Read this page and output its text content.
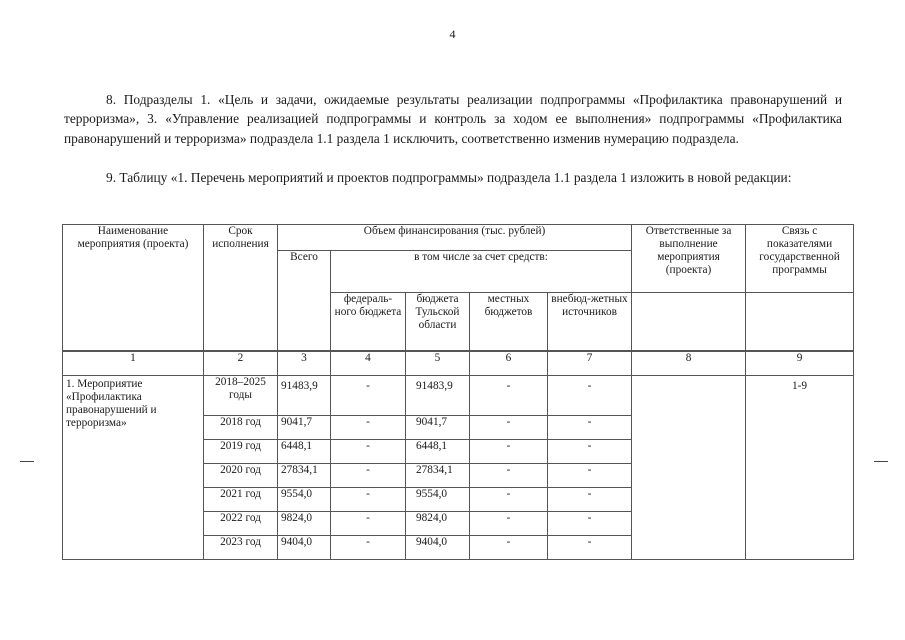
4

8. Подразделы 1. «Цель и задачи, ожидаемые результаты реализации подпрограммы «Профилактика правонарушений и терроризма», 3. «Управление реализацией подпрограммы и контроль за ходом ее выполнения» подпрограммы «Профилактика правонарушений и терроризма» подраздела 1.1 раздела 1 исключить, соответственно изменив нумерацию подраздела.

9. Таблицу «1. Перечень мероприятий и проектов подпрограммы» подраздела 1.1 раздела 1 изложить в новой редакции:

Наименование мероприятия (проекта)	Срок исполнения	Объем финансирования (тыс. рублей)					Ответственные за выполнение мероприятия (проекта)	Связь с показателями государственной программы
		Всего	в том числе за счет средств:					
			федераль-ного бюджета	бюджета Тульской области	местных бюджетов	внебюд-жетных источников		

1	2	3	4	5	6	7	8	9
1. Мероприятие «Профилактика правонарушений и терроризма»	2018–2025 годы	91483,9	-	91483,9	-	-		1-9
	2018 год	9041,7	-	9041,7	-	-		
	2019 год	6448,1	-	6448,1	-	-		
	2020 год	27834,1	-	27834,1	-	-		
	2021 год	9554,0	-	9554,0	-	-		
	2022 год	9824,0	-	9824,0	-	-		
	2023 год	9404,0	-	9404,0	-	-		
